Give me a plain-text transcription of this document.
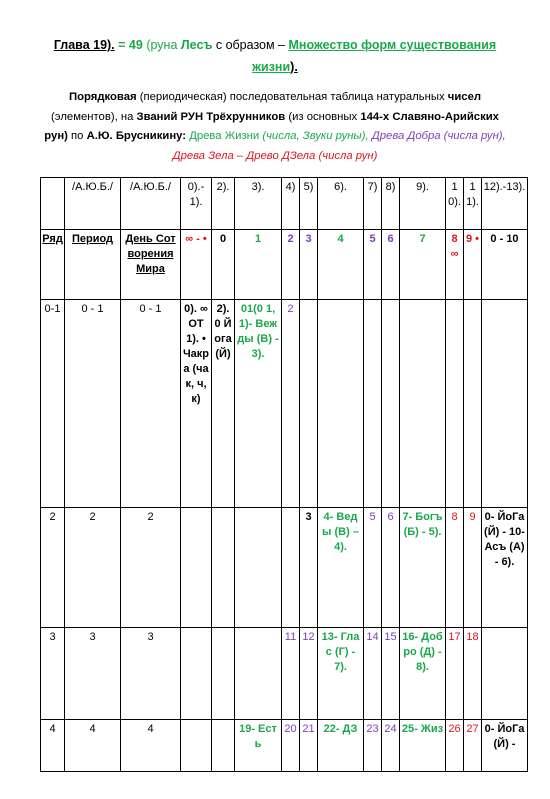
Глава 19). = 49 (руна Лесъ с образом – Множество форм существования жизни).
Порядковая (периодическая) последовательная таблица натуральных чисел (элементов), на Званий РУН Трёхрунников (из основных 144-х Славяно-Арийских рун) по А.Ю. Брусникину: Древа Жизни (числа, Звуки руны), Древа Добра (числа рун), Древа Зела – Древо ДЗела (числа рун)
	/А.Ю.Б./	/А.Ю.Б./	0).-1).	2).	3).	4)	5)	6).	7)	8)	9).	10).	11).	12).-13).
Ряд	Период	День Сотворения Мира	∞ - •	0	1	2	3	4	5	6	7	8 ∞	9 •	0 - 10
0-1	0 - 1	0 - 1	0). ∞ ОТ 1). • Чакра (чак, ч, к)	2). 0 Йога (Й)	01(0 1,1)- Вежды (В) - 3).	2								
2	2	2					3	4- Веды (В) –4).	5	6	7- Богъ (Б) - 5).	8	9	0- ЙоГа (Й) - 10- Асъ (А) - 6).
3	3	3				11	12	13- Глас (Г) - 7).	14	15	16- Добро (Д) - 8).	17	18	
4	4	4			19- Есть	20	21	22- ДЗ	23	24	25- Жиз	26	27	0- ЙоГа (Й) -
